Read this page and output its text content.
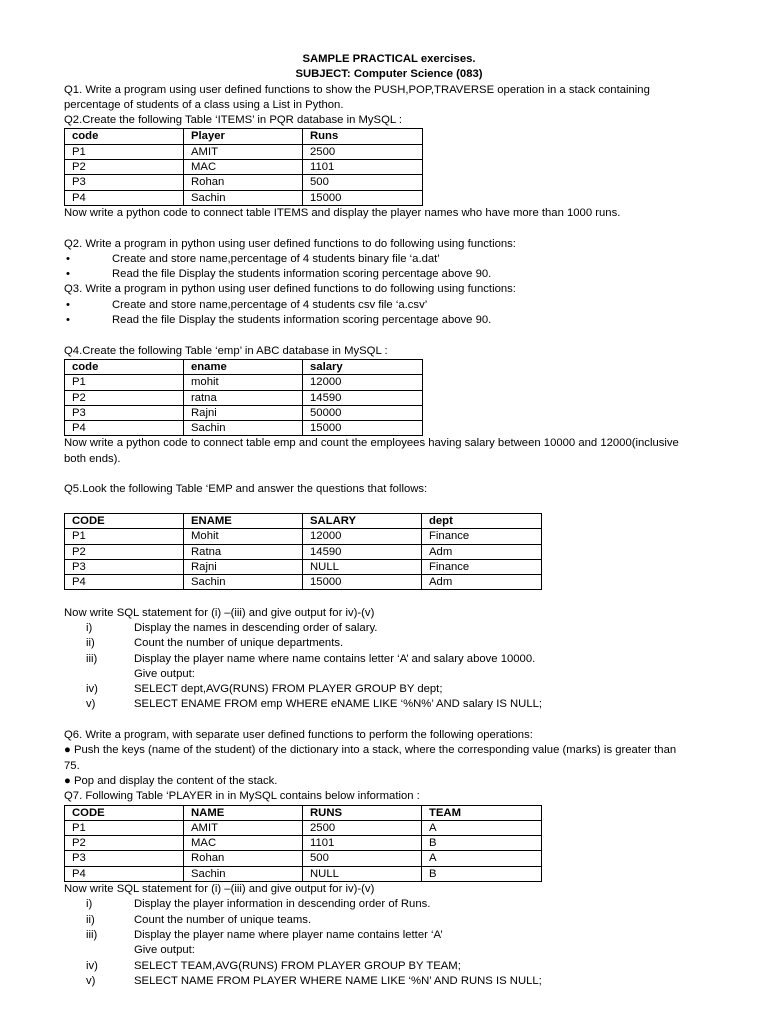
SAMPLE PRACTICAL exercises.
SUBJECT: Computer Science (083)
Q1. Write a program using user defined functions to show the PUSH,POP,TRAVERSE operation in a stack containing
percentage of students of a class using a List in Python.
Q2.Create the following Table ‘ITEMS’ in PQR database in MySQL :
code	Player	Runs
P1	AMIT	2500
P2	MAC	1101
P3	Rohan	500
P4	Sachin	15000
Now write a python code to connect table ITEMS and display the player names who have more than 1000 runs.
Q2. Write a program in python using user defined functions to do following using functions:
•	Create and store name,percentage of 4 students binary file ‘a.dat’
•	Read the file Display the students information scoring percentage above 90.
Q3. Write a program in python using user defined functions to do following using functions:
•	Create and store name,percentage of 4 students csv file ‘a.csv’
•	Read the file Display the students information scoring percentage above 90.
Q4.Create the following Table ‘emp’ in ABC database in MySQL :
code	ename	salary
P1	mohit	12000
P2	ratna	14590
P3	Rajni	50000
P4	Sachin	15000
Now write a python code to connect table emp and count the employees having salary between 10000 and 12000(inclusive
both ends).
Q5.Look the following Table ‘EMP and answer the questions that follows:
CODE	ENAME	SALARY	dept
P1	Mohit	12000	Finance
P2	Ratna	14590	Adm
P3	Rajni	NULL	Finance
P4	Sachin	15000	Adm
Now write SQL statement for (i) –(iii) and give output for iv)-(v)
i)	Display the names in descending order of salary.
ii)	Count the number of unique departments.
iii)	Display the player name where name contains letter ‘A’ and salary above 10000.
Give output:
iv)	SELECT dept,AVG(RUNS) FROM PLAYER GROUP BY dept;
v)	SELECT ENAME FROM emp WHERE eNAME LIKE ‘%N%’ AND salary IS NULL;
Q6. Write a program, with separate user defined functions to perform the following operations:
● Push the keys (name of the student) of the dictionary into a stack, where the corresponding value (marks) is greater than
75.
● Pop and display the content of the stack.
Q7. Following Table ‘PLAYER in in MySQL contains below information :
CODE	NAME	RUNS	TEAM
P1	AMIT	2500	A
P2	MAC	1101	B
P3	Rohan	500	A
P4	Sachin	NULL	B
Now write SQL statement for (i) –(iii) and give output for iv)-(v)
i)	Display the player information in descending order of Runs.
ii)	Count the number of unique teams.
iii)	Display the player name where player name contains letter ‘A’
Give output:
iv)	SELECT TEAM,AVG(RUNS) FROM PLAYER GROUP BY TEAM;
v)	SELECT NAME FROM PLAYER WHERE NAME LIKE ‘%N’ AND RUNS IS NULL;
